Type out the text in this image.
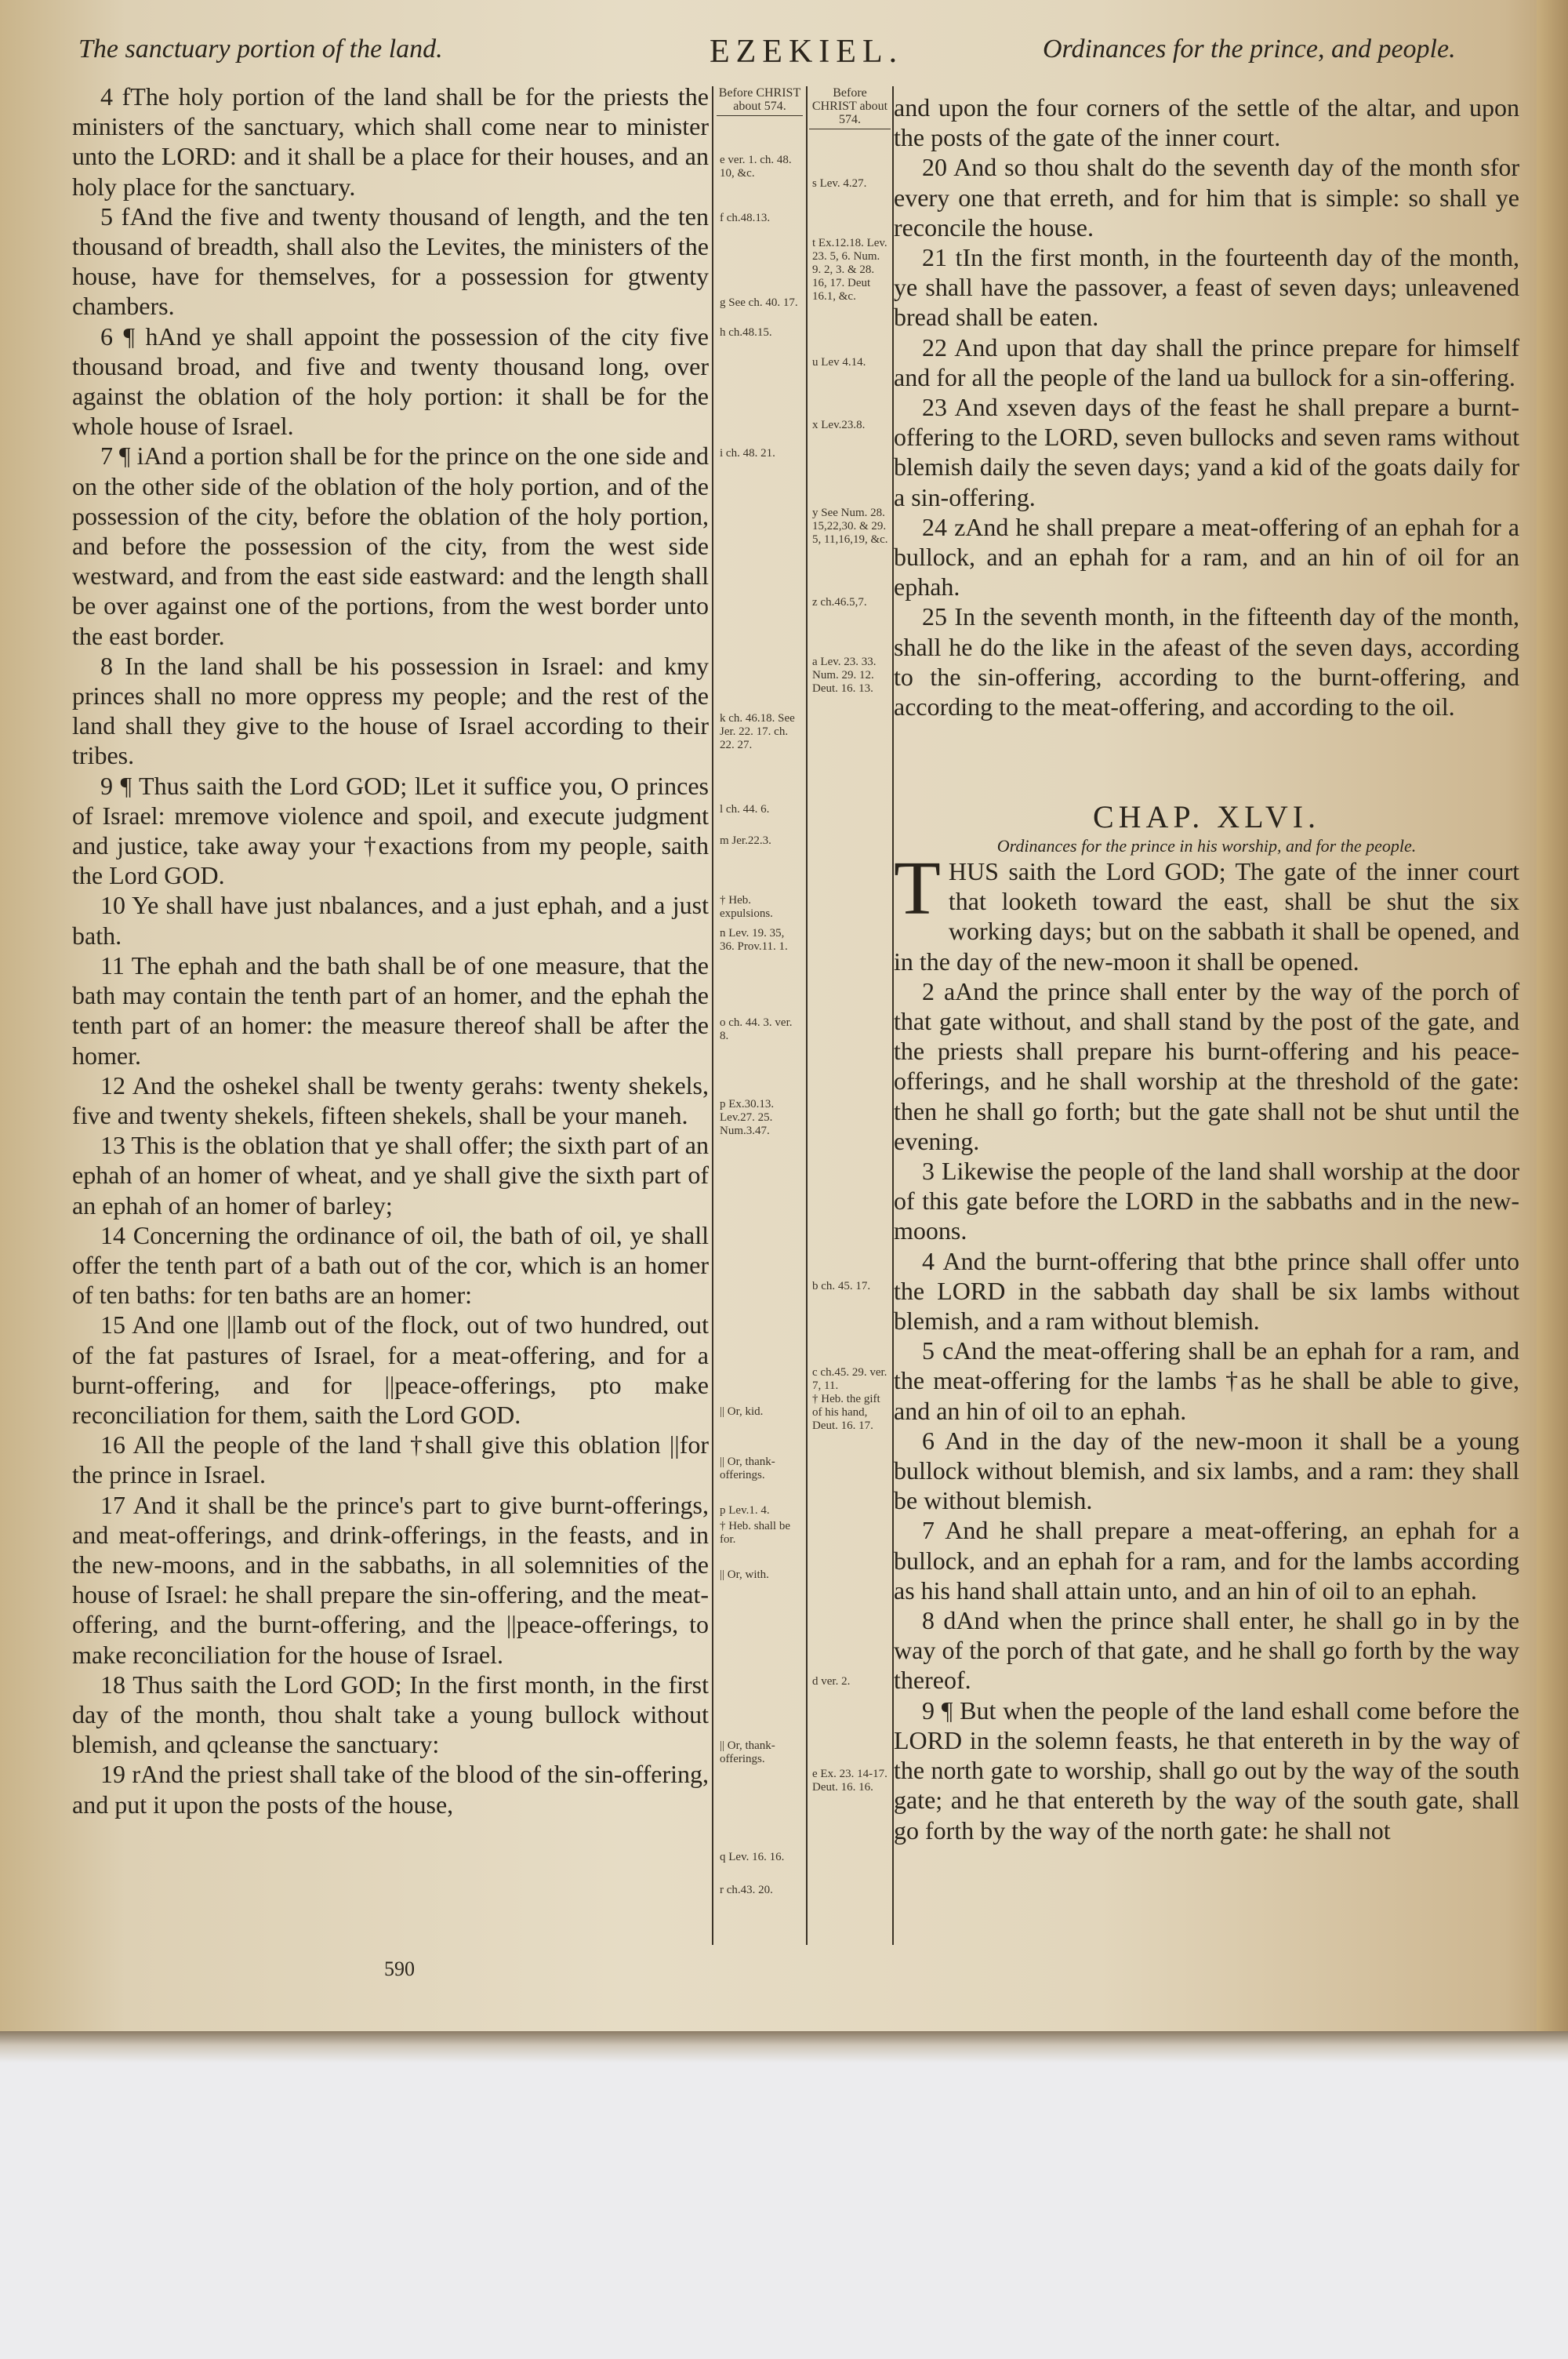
The sanctuary portion of the land.	EZEKIEL.	Ordinances for the prince, and people.

4 fThe holy portion of the land shall be for the priests the ministers of the sanctuary, which shall come near to minister unto the LORD: and it shall be a place for their houses, and an holy place for the sanctuary.

5 fAnd the five and twenty thousand of length, and the ten thousand of breadth, shall also the Levites, the ministers of the house, have for themselves, for a possession for gtwenty chambers.

6 ¶ hAnd ye shall appoint the possession of the city five thousand broad, and five and twenty thousand long, over against the oblation of the holy portion: it shall be for the whole house of Israel.

7 ¶ iAnd a portion shall be for the prince on the one side and on the other side of the oblation of the holy portion, and of the possession of the city, before the oblation of the holy portion, and before the possession of the city, from the west side westward, and from the east side eastward: and the length shall be over against one of the portions, from the west border unto the east border.

8 In the land shall be his possession in Israel: and kmy princes shall no more oppress my people; and the rest of the land shall they give to the house of Israel according to their tribes.

9 ¶ Thus saith the Lord GOD; lLet it suffice you, O princes of Israel: mremove violence and spoil, and execute judgment and justice, take away your †exactions from my people, saith the Lord GOD.

10 Ye shall have just nbalances, and a just ephah, and a just bath.

11 The ephah and the bath shall be of one measure, that the bath may contain the tenth part of an homer, and the ephah the tenth part of an homer: the measure thereof shall be after the homer.

12 And the oshekel shall be twenty gerahs: twenty shekels, five and twenty shekels, fifteen shekels, shall be your maneh.

13 This is the oblation that ye shall offer; the sixth part of an ephah of an homer of wheat, and ye shall give the sixth part of an ephah of an homer of barley;

14 Concerning the ordinance of oil, the bath of oil, ye shall offer the tenth part of a bath out of the cor, which is an homer of ten baths: for ten baths are an homer:

15 And one ||lamb out of the flock, out of two hundred, out of the fat pastures of Israel, for a meat-offering, and for a burnt-offering, and for ||peace-offerings, pto make reconciliation for them, saith the Lord GOD.

16 All the people of the land †shall give this oblation ||for the prince in Israel.

17 And it shall be the prince's part to give burnt-offerings, and meat-offerings, and drink-offerings, in the feasts, and in the new-moons, and in the sabbaths, in all solemnities of the house of Israel: he shall prepare the sin-offering, and the meat-offering, and the burnt-offering, and the ||peace-offerings, to make reconciliation for the house of Israel.

18 Thus saith the Lord GOD; In the first month, in the first day of the month, thou shalt take a young bullock without blemish, and qcleanse the sanctuary:

19 rAnd the priest shall take of the blood of the sin-offering, and put it upon the posts of the house,

Before CHRIST about 574.
e ver. 1. ch. 48. 10, &c.
f ch.48.13.
g See ch. 40. 17.
h ch.48.15.
i ch. 48. 21.
k ch. 46.18. See Jer. 22. 17. ch. 22. 27.
l ch. 44. 6.
m Jer.22.3.
† Heb. expulsions.
n Lev. 19. 35, 36. Prov.11. 1.
o ch. 44. 3. ver. 8.
p Ex.30.13. Lev.27. 25. Num.3.47.
|| Or, kid.
|| Or, thank-offerings.
p Lev.1. 4.
† Heb. shall be for.
|| Or, with.
|| Or, thank-offerings.
q Lev. 16. 16.
r ch.43. 20.
Before CHRIST about 574.
s Lev. 4.27.
t Ex.12.18. Lev. 23. 5, 6. Num. 9. 2, 3. & 28. 16, 17. Deut 16.1, &c.
u Lev 4.14.
x Lev.23.8.
y See Num. 28. 15,22,30. & 29. 5, 11,16,19, &c.
z ch.46.5,7.
a Lev. 23. 33. Num. 29. 12. Deut. 16. 13.
b ch. 45. 17.
c ch.45. 29. ver. 7, 11.
† Heb. the gift of his hand, Deut. 16. 17.
d ver. 2.
e Ex. 23. 14-17. Deut. 16. 16.

and upon the four corners of the settle of the altar, and upon the posts of the gate of the inner court.

20 And so thou shalt do the seventh day of the month sfor every one that erreth, and for him that is simple: so shall ye reconcile the house.

21 tIn the first month, in the fourteenth day of the month, ye shall have the passover, a feast of seven days; unleavened bread shall be eaten.

22 And upon that day shall the prince prepare for himself and for all the people of the land ua bullock for a sin-offering.

23 And xseven days of the feast he shall prepare a burnt-offering to the LORD, seven bullocks and seven rams without blemish daily the seven days; yand a kid of the goats daily for a sin-offering.

24 zAnd he shall prepare a meat-offering of an ephah for a bullock, and an ephah for a ram, and an hin of oil for an ephah.

25 In the seventh month, in the fifteenth day of the month, shall he do the like in the afeast of the seven days, according to the sin-offering, according to the burnt-offering, and according to the meat-offering, and according to the oil.

CHAP. XLVI.
Ordinances for the prince in his worship, and for the people.

THUS saith the Lord GOD; The gate of the inner court that looketh toward the east, shall be shut the six working days; but on the sabbath it shall be opened, and in the day of the new-moon it shall be opened.

2 aAnd the prince shall enter by the way of the porch of that gate without, and shall stand by the post of the gate, and the priests shall prepare his burnt-offering and his peace-offerings, and he shall worship at the threshold of the gate: then he shall go forth; but the gate shall not be shut until the evening.

3 Likewise the people of the land shall worship at the door of this gate before the LORD in the sabbaths and in the new-moons.

4 And the burnt-offering that bthe prince shall offer unto the LORD in the sabbath day shall be six lambs without blemish, and a ram without blemish.

5 cAnd the meat-offering shall be an ephah for a ram, and the meat-offering for the lambs †as he shall be able to give, and an hin of oil to an ephah.

6 And in the day of the new-moon it shall be a young bullock without blemish, and six lambs, and a ram: they shall be without blemish.

7 And he shall prepare a meat-offering, an ephah for a bullock, and an ephah for a ram, and for the lambs according as his hand shall attain unto, and an hin of oil to an ephah.

8 dAnd when the prince shall enter, he shall go in by the way of the porch of that gate, and he shall go forth by the way thereof.

9 ¶ But when the people of the land eshall come before the LORD in the solemn feasts, he that entereth in by the way of the north gate to worship, shall go out by the way of the south gate; and he that entereth by the way of the south gate, shall go forth by the way of the north gate: he shall not

590
